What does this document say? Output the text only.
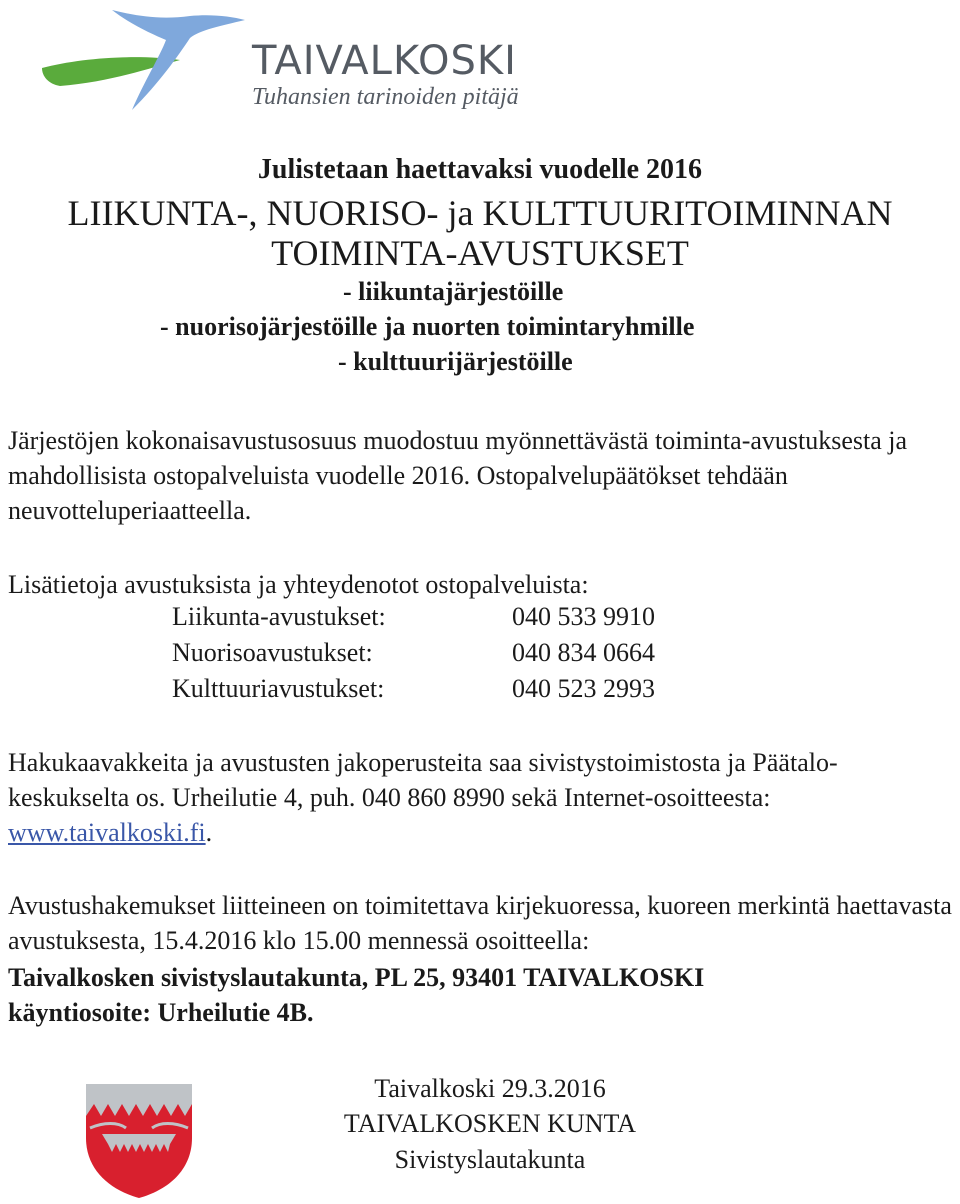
TAIVALKOSKI
Tuhansien tarinoiden pitäjä
Julistetaan haettavaksi vuodelle 2016
LIIKUNTA-, NUORISO- ja KULTTUURITOIMINNAN
TOIMINTA-AVUSTUKSET
- liikuntajärjestöille
- nuorisojärjestöille ja nuorten toimintaryhmille
- kulttuurijärjestöille
Järjestöjen kokonaisavustusosuus muodostuu myönnettävästä toiminta-avustuksesta ja mahdollisista ostopalveluista vuodelle 2016. Ostopalvelupäätökset tehdään neuvotteluperiaatteella.
Lisätietoja avustuksista ja yhteydenotot ostopalveluista:
Liikunta-avustukset:	040 533 9910
Nuorisoavustukset:	040 834 0664
Kulttuuriavustukset:	040 523 2993
Hakukaavakkeita ja avustusten jakoperusteita saa sivistystoimistosta ja Päätalo-keskukselta os. Urheilutie 4, puh. 040 860 8990 sekä Internet-osoitteesta: www.taivalkoski.fi.
Avustushakemukset liitteineen on toimitettava kirjekuoressa, kuoreen merkintä haettavasta avustuksesta, 15.4.2016 klo 15.00 mennessä osoitteella:
Taivalkosken sivistyslautakunta, PL 25, 93401 TAIVALKOSKI
käyntiosoite: Urheilutie 4B.
Taivalkoski 29.3.2016
TAIVALKOSKEN KUNTA
Sivistyslautakunta
